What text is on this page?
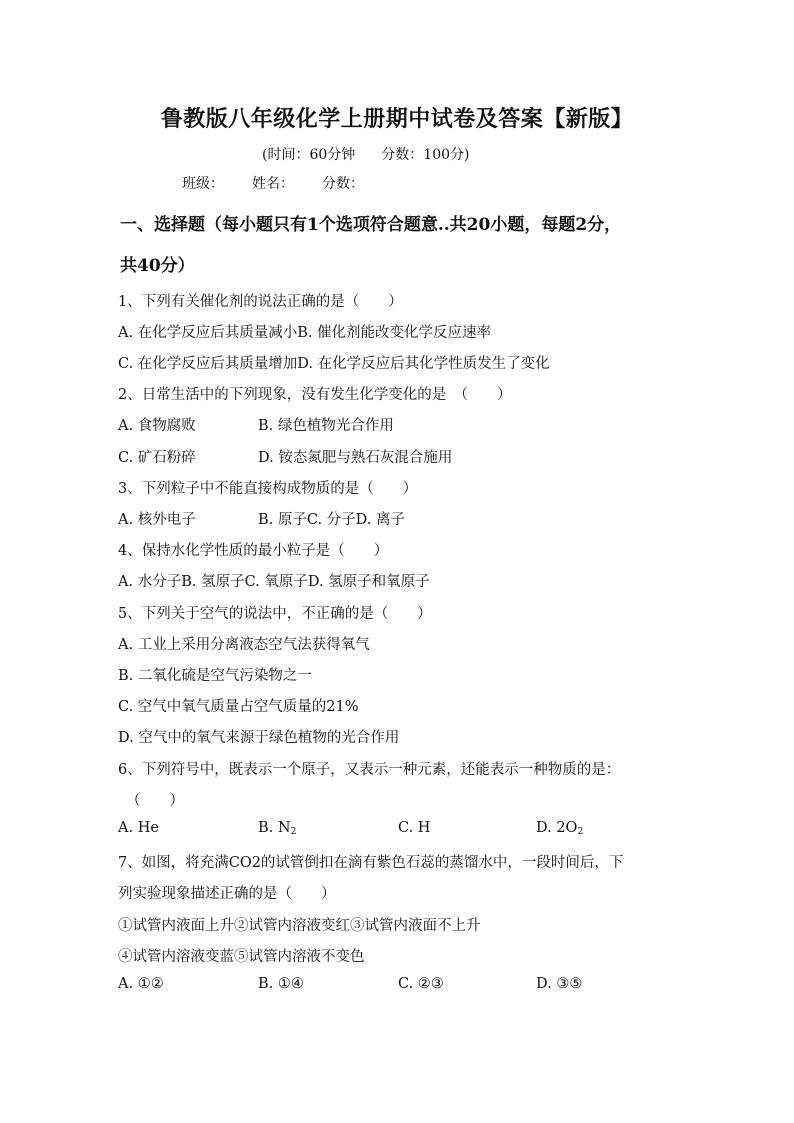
鲁教版八年级化学上册期中试卷及答案【新版】
(时间：60分钟 分数：100分)
班级： 姓名： 分数：
一、选择题（每小题只有1个选项符合题意..共20小题，每题2分，
共40分）
1、下列有关催化剂的说法正确的是（　　）
A. 在化学反应后其质量减小B. 催化剂能改变化学反应速率
C. 在化学反应后其质量增加D. 在化学反应后其化学性质发生了变化
2、日常生活中的下列现象，没有发生化学变化的是　（　　）
A. 食物腐败	B. 绿色植物光合作用
C. 矿石粉碎	D. 铵态氮肥与熟石灰混合施用
3、下列粒子中不能直接构成物质的是（　　）
A. 核外电子	B. 原子C. 分子D. 离子
4、保持水化学性质的最小粒子是（　　）
A. 水分子B. 氢原子C. 氧原子D. 氢原子和氧原子
5、下列关于空气的说法中，不正确的是（　　）
A. 工业上采用分离液态空气法获得氧气
B. 二氧化硫是空气污染物之一
C. 空气中氧气质量占空气质量的21%
D. 空气中的氧气来源于绿色植物的光合作用
6、下列符号中，既表示一个原子，又表示一种元素，还能表示一种物质的是：
（　　）
A. He	B. $N_2$	C. H	D. $2O_2$
7、如图，将充满CO2的试管倒扣在滴有紫色石蕊的蒸馏水中，一段时间后，下
列实验现象描述正确的是（　　）
①试管内液面上升②试管内溶液变红③试管内液面不上升
④试管内溶液变蓝⑤试管内溶液不变色
A. ①②	B. ①④	C. ②③	D. ③⑤
